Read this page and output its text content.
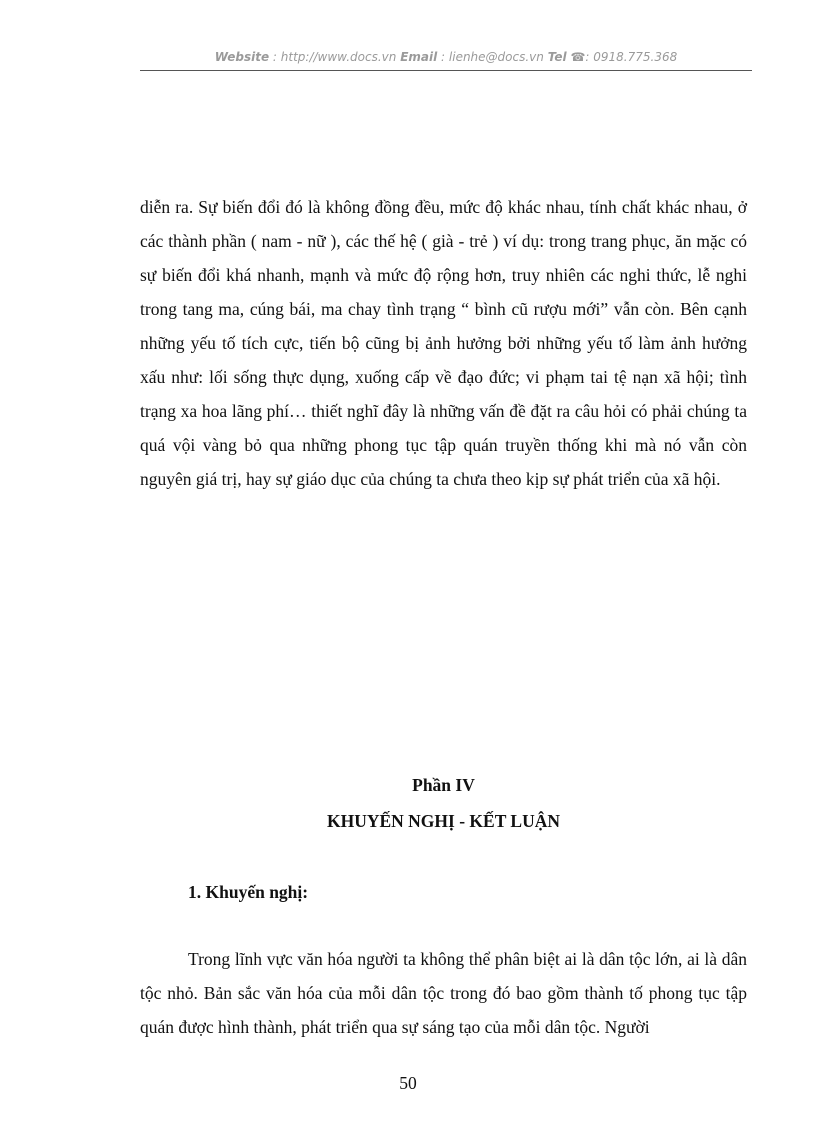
Website : http://www.docs.vn Email : lienhe@docs.vn Tel ☎: 0918.775.368
diễn ra. Sự biến đổi đó là không đồng đều, mức độ khác nhau, tính chất khác nhau, ở các thành phần ( nam - nữ ), các thế hệ ( già - trẻ ) ví dụ: trong trang phục, ăn mặc có sự biến đổi khá nhanh, mạnh và mức độ rộng hơn, truy nhiên các nghi thức, lễ nghi trong tang ma, cúng bái, ma chay tình trạng “ bình cũ rượu mới” vẫn còn. Bên cạnh những yếu tố tích cực, tiến bộ cũng bị ảnh hưởng bởi những yếu tố làm ảnh hưởng xấu như: lối sống thực dụng, xuống cấp về đạo đức; vi phạm tai tệ nạn xã hội; tình trạng xa hoa lãng phí… thiết nghĩ đây là những vấn đề đặt ra câu hỏi có phải chúng ta quá vội vàng bỏ qua những phong tục tập quán truyền thống khi mà nó vẫn còn nguyên giá trị, hay sự giáo dục của chúng ta chưa theo kịp sự phát triển của xã hội.
Phần IV
KHUYẾN NGHỊ - KẾT LUẬN
1. Khuyến nghị:
Trong lĩnh vực văn hóa người ta không thể phân biệt ai là dân tộc lớn, ai là dân tộc nhỏ. Bản sắc văn hóa của mỗi dân tộc trong đó bao gồm thành tố phong tục tập quán được hình thành, phát triển qua sự sáng tạo của mỗi dân tộc. Người
50
